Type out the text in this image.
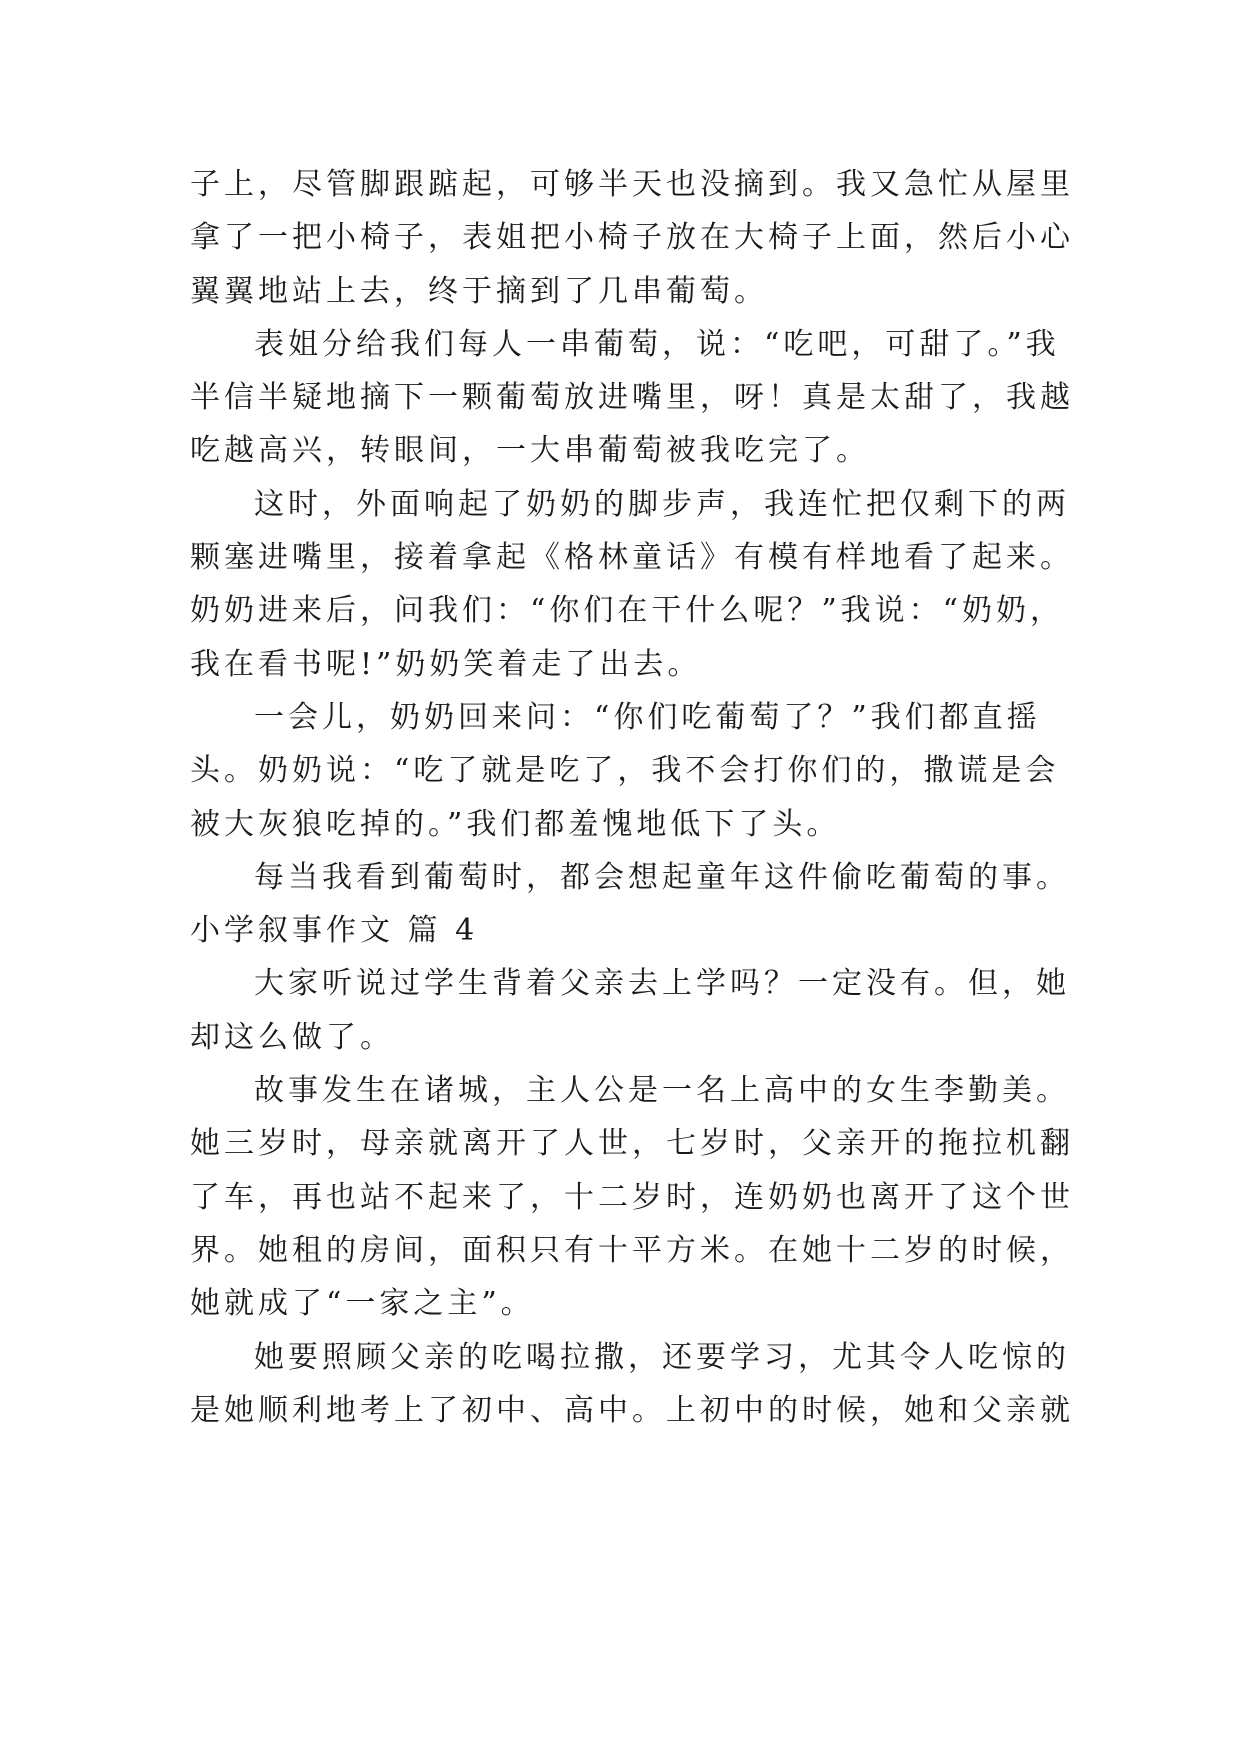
子上，尽管脚跟踮起，可够半天也没摘到。我又急忙从屋里
拿了一把小椅子，表姐把小椅子放在大椅子上面，然后小心
翼翼地站上去，终于摘到了几串葡萄。
表姐分给我们每人一串葡萄，说：“吃吧，可甜了。”我
半信半疑地摘下一颗葡萄放进嘴里，呀！真是太甜了，我越
吃越高兴，转眼间，一大串葡萄被我吃完了。
这时，外面响起了奶奶的脚步声，我连忙把仅剩下的两
颗塞进嘴里，接着拿起《格林童话》有模有样地看了起来。
奶奶进来后，问我们：“你们在干什么呢？”我说：“奶奶，
我在看书呢!”奶奶笑着走了出去。
一会儿，奶奶回来问：“你们吃葡萄了？”我们都直摇
头。奶奶说：“吃了就是吃了，我不会打你们的，撒谎是会
被大灰狼吃掉的。”我们都羞愧地低下了头。
每当我看到葡萄时，都会想起童年这件偷吃葡萄的事。
小学叙事作文 篇 4
大家听说过学生背着父亲去上学吗？一定没有。但，她
却这么做了。
故事发生在诸城，主人公是一名上高中的女生李勤美。
她三岁时，母亲就离开了人世，七岁时，父亲开的拖拉机翻
了车，再也站不起来了，十二岁时，连奶奶也离开了这个世
界。她租的房间，面积只有十平方米。在她十二岁的时候，
她就成了“一家之主”。
她要照顾父亲的吃喝拉撒，还要学习，尤其令人吃惊的
是她顺利地考上了初中、高中。上初中的时候，她和父亲就
